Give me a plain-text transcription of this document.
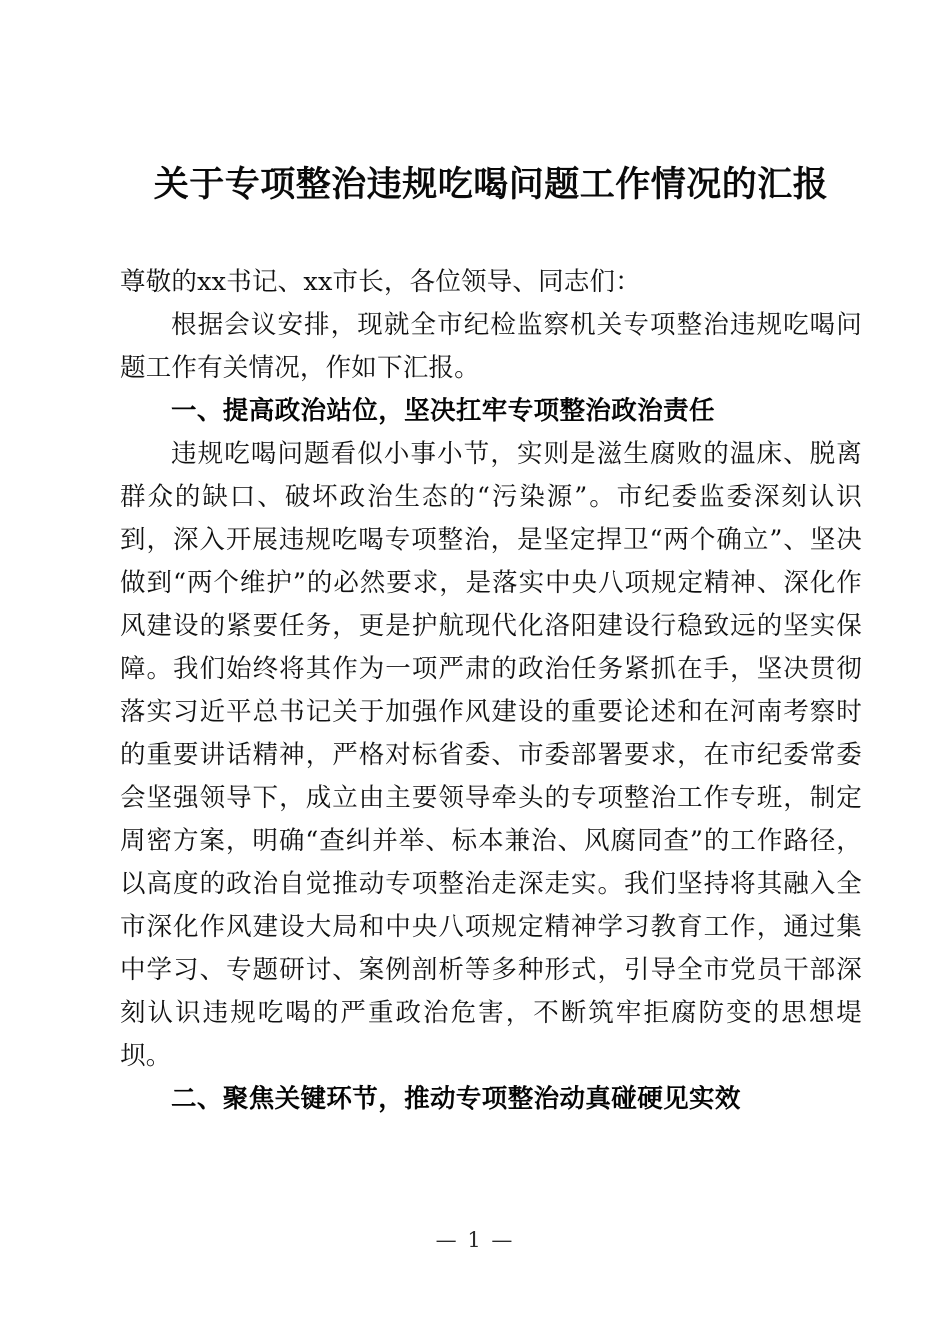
关于专项整治违规吃喝问题工作情况的汇报

尊敬的xx书记、xx市长，各位领导、同志们：

根据会议安排，现就全市纪检监察机关专项整治违规吃喝问题工作有关情况，作如下汇报。

一、提高政治站位，坚决扛牢专项整治政治责任

违规吃喝问题看似小事小节，实则是滋生腐败的温床、脱离群众的缺口、破坏政治生态的“污染源”。市纪委监委深刻认识到，深入开展违规吃喝专项整治，是坚定捍卫“两个确立”、坚决做到“两个维护”的必然要求，是落实中央八项规定精神、深化作风建设的紧要任务，更是护航现代化洛阳建设行稳致远的坚实保障。我们始终将其作为一项严肃的政治任务紧抓在手，坚决贯彻落实习近平总书记关于加强作风建设的重要论述和在河南考察时的重要讲话精神，严格对标省委、市委部署要求，在市纪委常委会坚强领导下，成立由主要领导牵头的专项整治工作专班，制定周密方案，明确“查纠并举、标本兼治、风腐同查”的工作路径，以高度的政治自觉推动专项整治走深走实。我们坚持将其融入全市深化作风建设大局和中央八项规定精神学习教育工作，通过集中学习、专题研讨、案例剖析等多种形式，引导全市党员干部深刻认识违规吃喝的严重政治危害，不断筑牢拒腐防变的思想堤坝。

二、聚焦关键环节，推动专项整治动真碰硬见实效
— 1 —
